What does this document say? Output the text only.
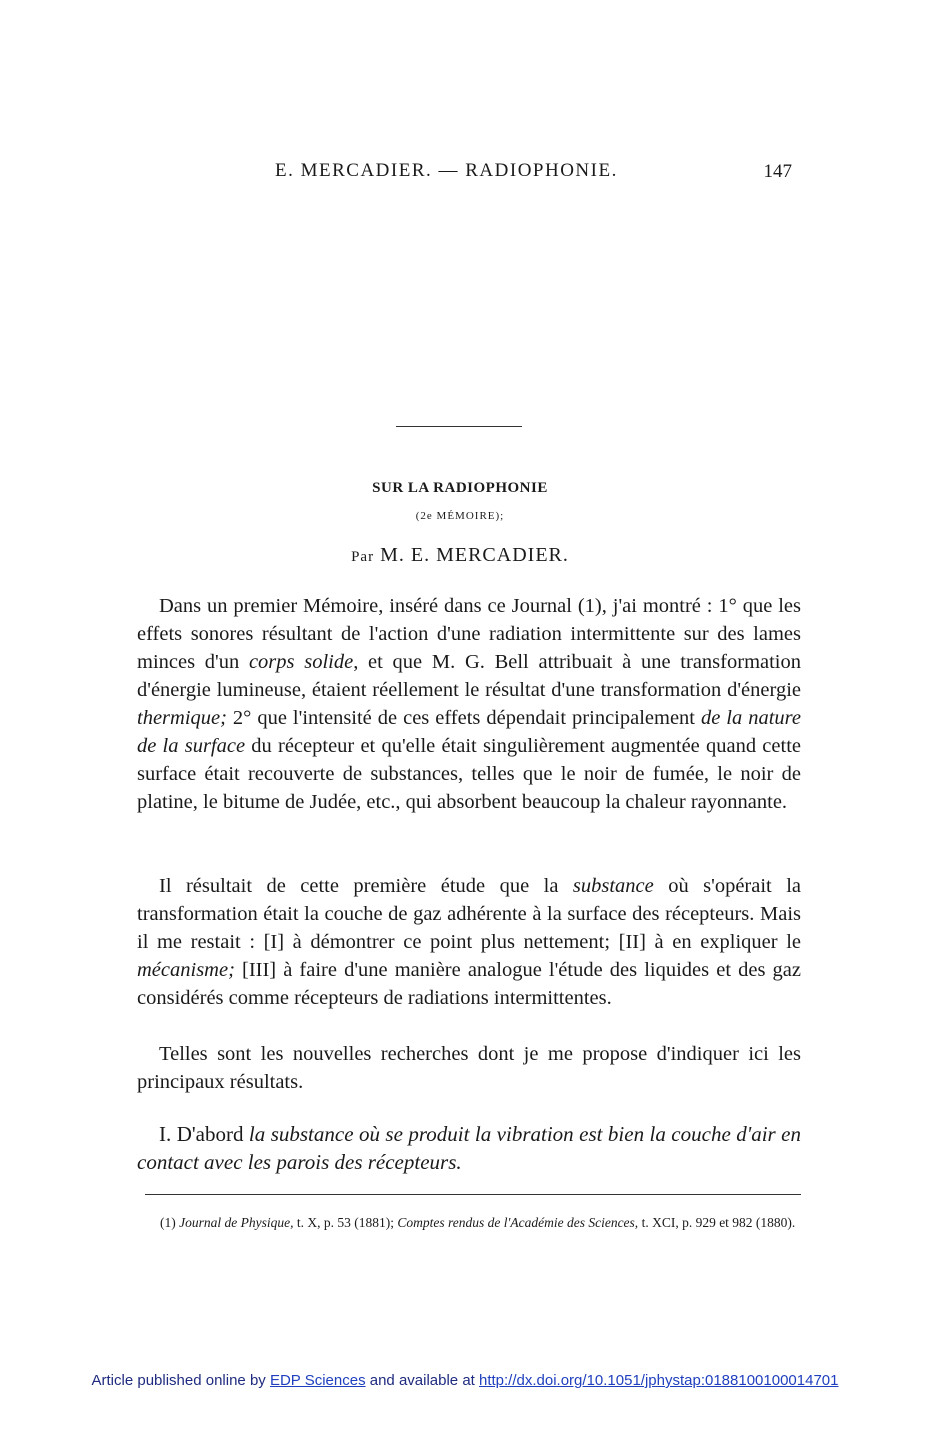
E. MERCADIER. — RADIOPHONIE.	147
SUR LA RADIOPHONIE
(2e MÉMOIRE);
Par M. E. MERCADIER.

Dans un premier Mémoire, inséré dans ce Journal (1), j'ai montré : 1° que les effets sonores résultant de l'action d'une radiation intermittente sur des lames minces d'un corps solide, et que M. G. Bell attribuait à une transformation d'énergie lumineuse, étaient réellement le résultat d'une transformation d'énergie thermique; 2° que l'intensité de ces effets dépendait principalement de la nature de la surface du récepteur et qu'elle était singulièrement augmentée quand cette surface était recouverte de substances, telles que le noir de fumée, le noir de platine, le bitume de Judée, etc., qui absorbent beaucoup la chaleur rayonnante.

Il résultait de cette première étude que la substance où s'opérait la transformation était la couche de gaz adhérente à la surface des récepteurs. Mais il me restait : [I] à démontrer ce point plus nettement; [II] à en expliquer le mécanisme; [III] à faire d'une manière analogue l'étude des liquides et des gaz considérés comme récepteurs de radiations intermittentes.

Telles sont les nouvelles recherches dont je me propose d'indiquer ici les principaux résultats.

I. D'abord la substance où se produit la vibration est bien la couche d'air en contact avec les parois des récepteurs.

(1) Journal de Physique, t. X, p. 53 (1881); Comptes rendus de l'Académie des Sciences, t. XCI, p. 929 et 982 (1880).

Article published online by EDP Sciences and available at http://dx.doi.org/10.1051/jphystap:0188100100014701
